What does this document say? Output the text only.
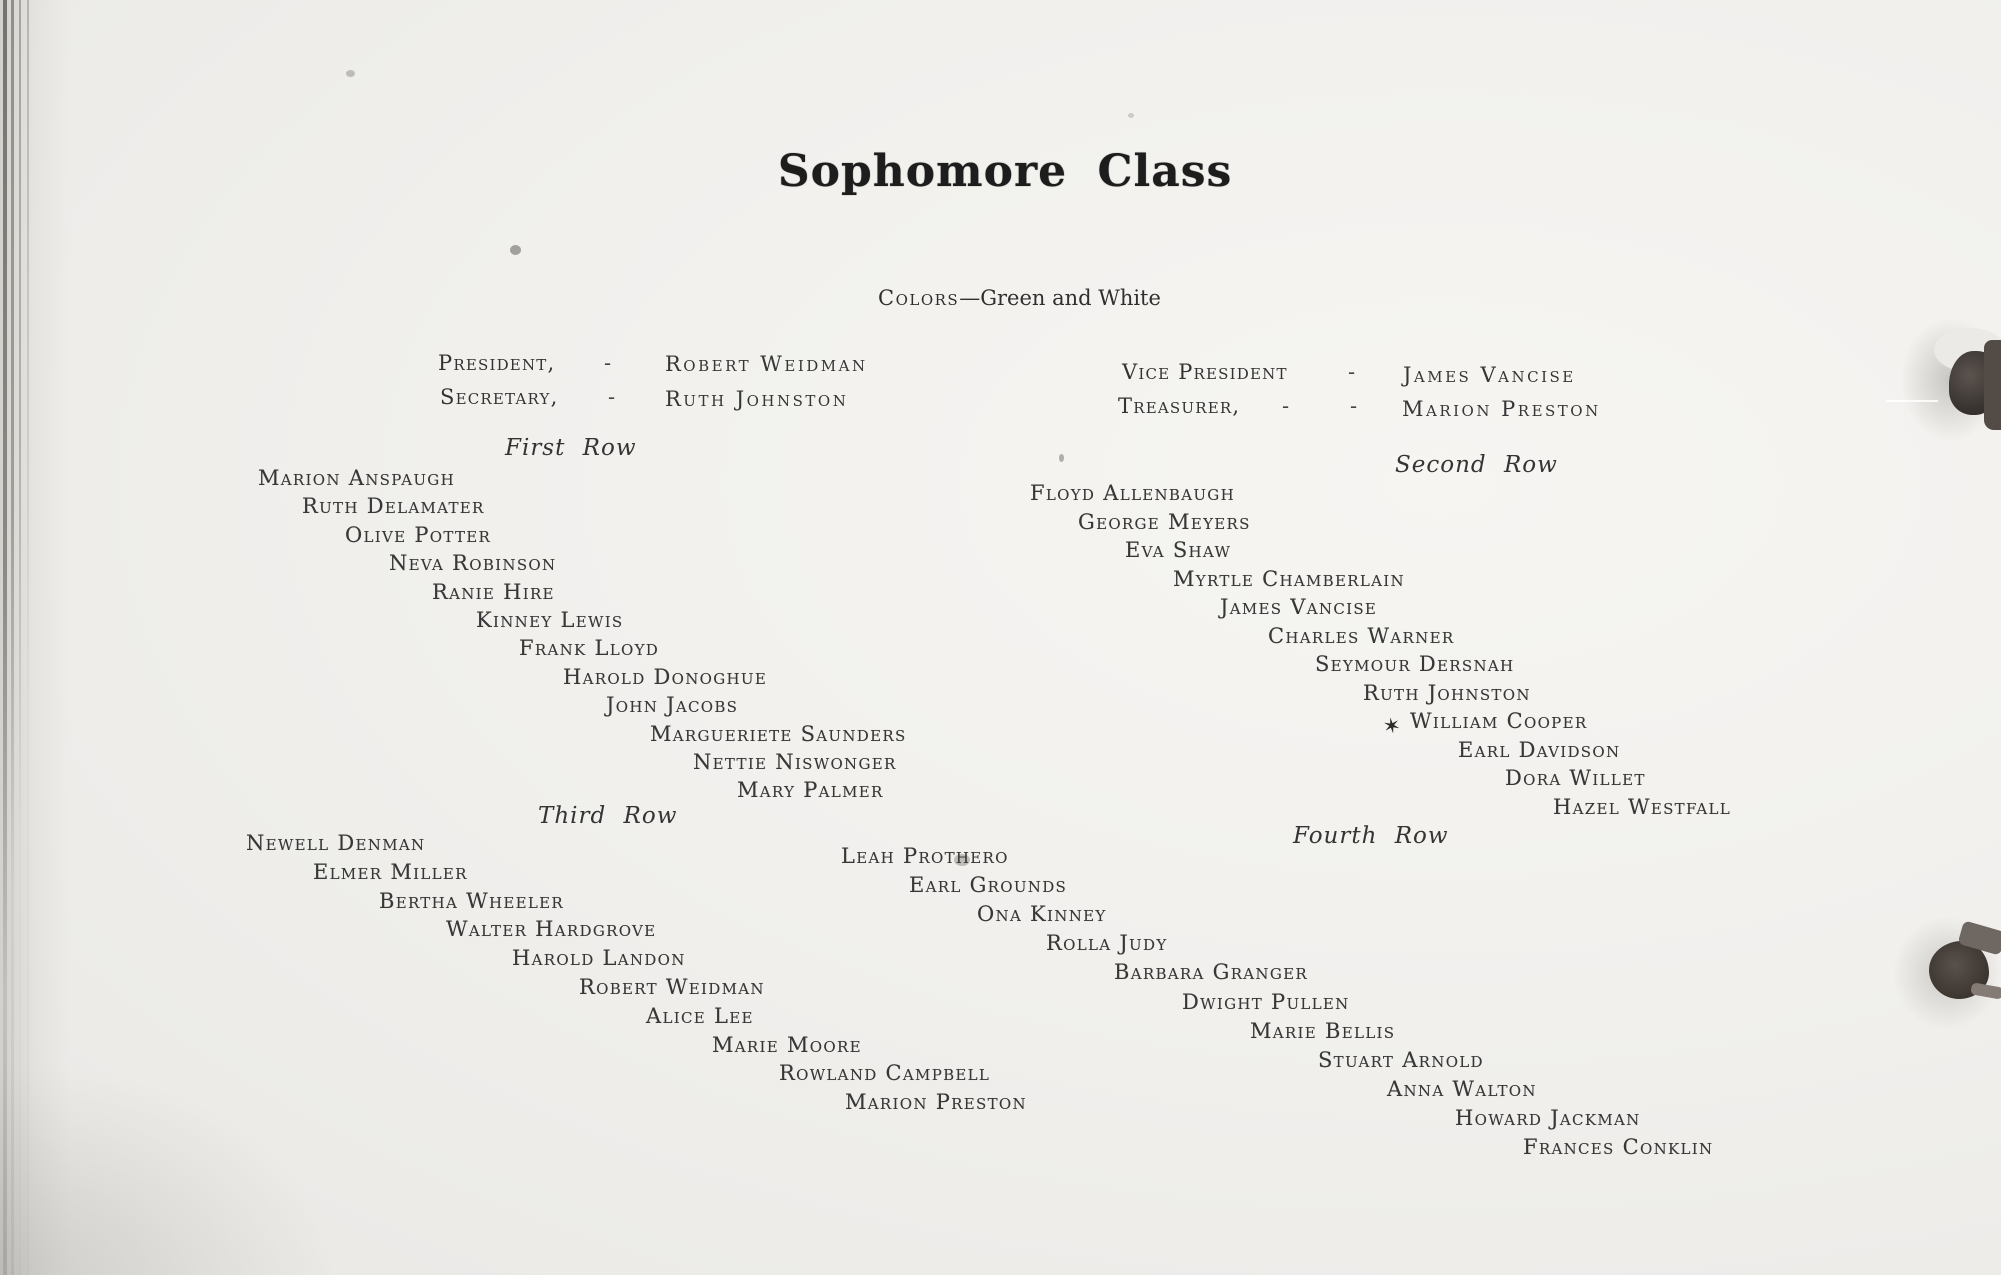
Sophomore Class
Colors—Green and White
President, -	Robert Weidman
Secretary, - Ruth Johnston
Vice President	- James Vancise
Treasurer, -	- Marion Preston
First Row
Second Row
Third Row
Fourth Row
Marion Anspaugh
Ruth Delamater
Olive Potter
Neva Robinson
Ranie Hire
Kinney Lewis
Frank Lloyd
Harold Donoghue
John Jacobs
Margueriete Saunders
Nettie Niswonger
Mary Palmer
Floyd Allenbaugh
George Meyers
Eva Shaw
Myrtle Chamberlain
James Vancise
Charles Warner
Seymour Dersnah
Ruth Johnston
✶ William Cooper
Earl Davidson
Dora Willet
Hazel Westfall
Newell Denman
Elmer Miller
Bertha Wheeler
Walter Hardgrove
Harold Landon
Robert Weidman
Alice Lee
Marie Moore
Rowland Campbell
Marion Preston
Leah Prothero
Earl Grounds
Ona Kinney
Rolla Judy
Barbara Granger
Dwight Pullen
Marie Bellis
Stuart Arnold
Anna Walton
Howard Jackman
Frances Conklin
